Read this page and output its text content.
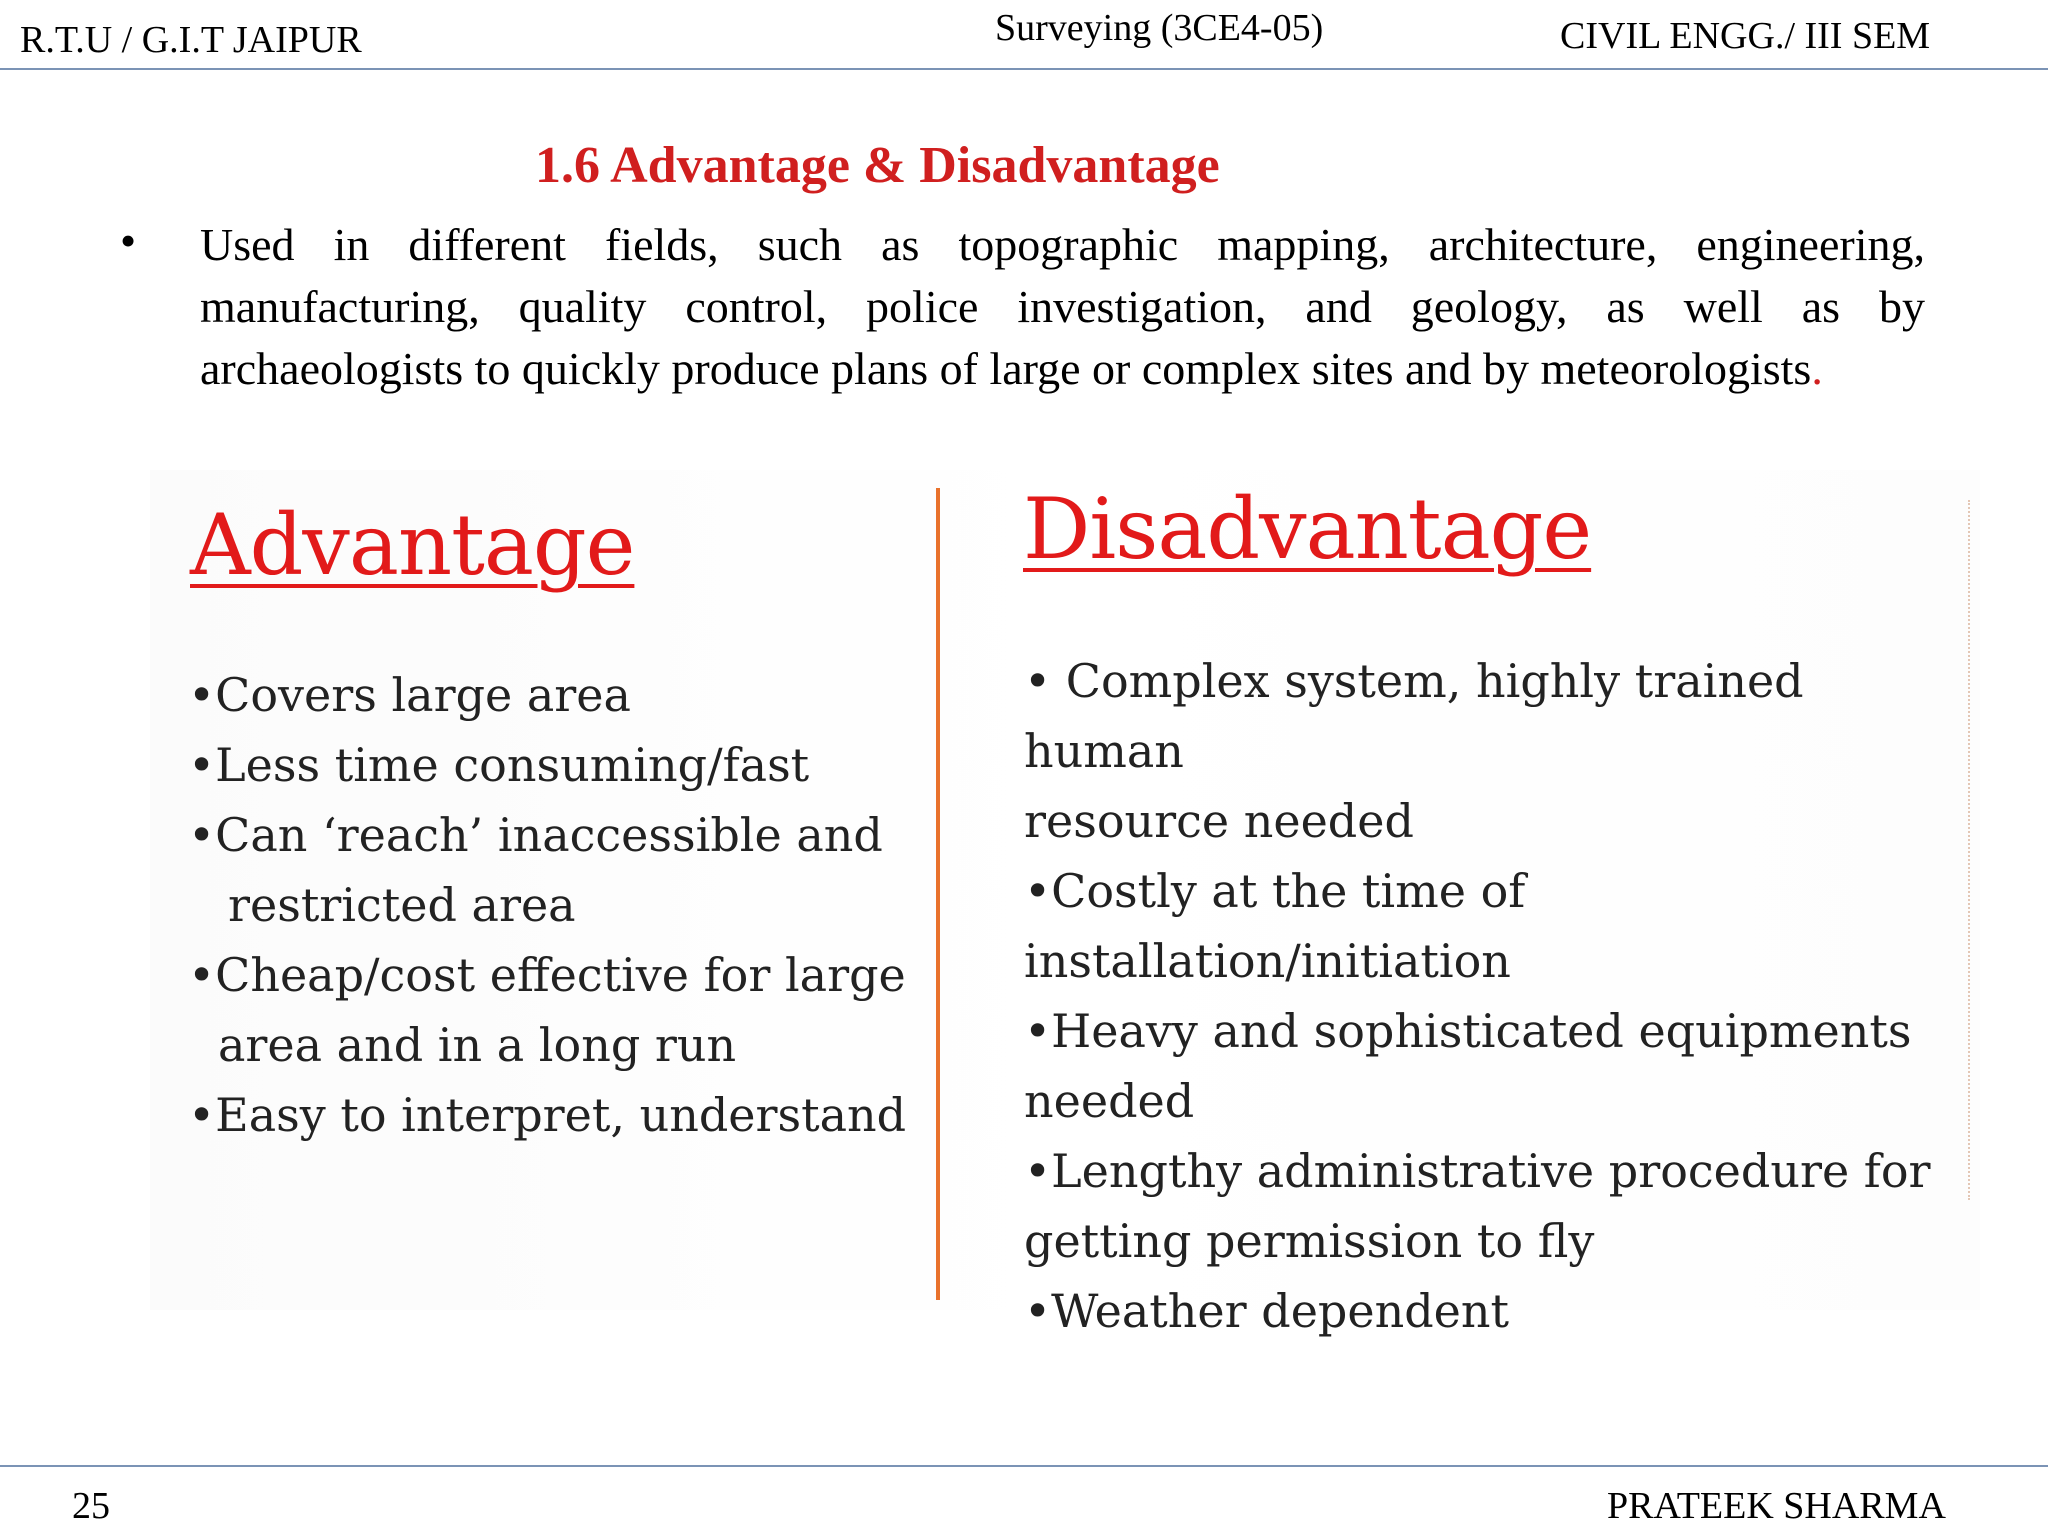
R.T.U / G.I.T JAIPUR	Surveying (3CE4-05)	CIVIL ENGG./ III SEM
1.6 Advantage & Disadvantage
• Used in different fields, such as topographic mapping, architecture, engineering, manufacturing, quality control, police investigation, and geology, as well as by archaeologists to quickly produce plans of large or complex sites and by meteorologists.
Advantage	Disadvantage
•Covers large area
•Less time consuming/fast
•Can ‘reach’ inaccessible and
restricted area
•Cheap/cost effective for large
area and in a long run
•Easy to interpret, understand
• Complex system, highly trained human
resource needed
•Costly at the time of
installation/initiation
•Heavy and sophisticated equipments
needed
•Lengthy administrative procedure for
getting permission to fly
•Weather dependent
25	PRATEEK SHARMA
